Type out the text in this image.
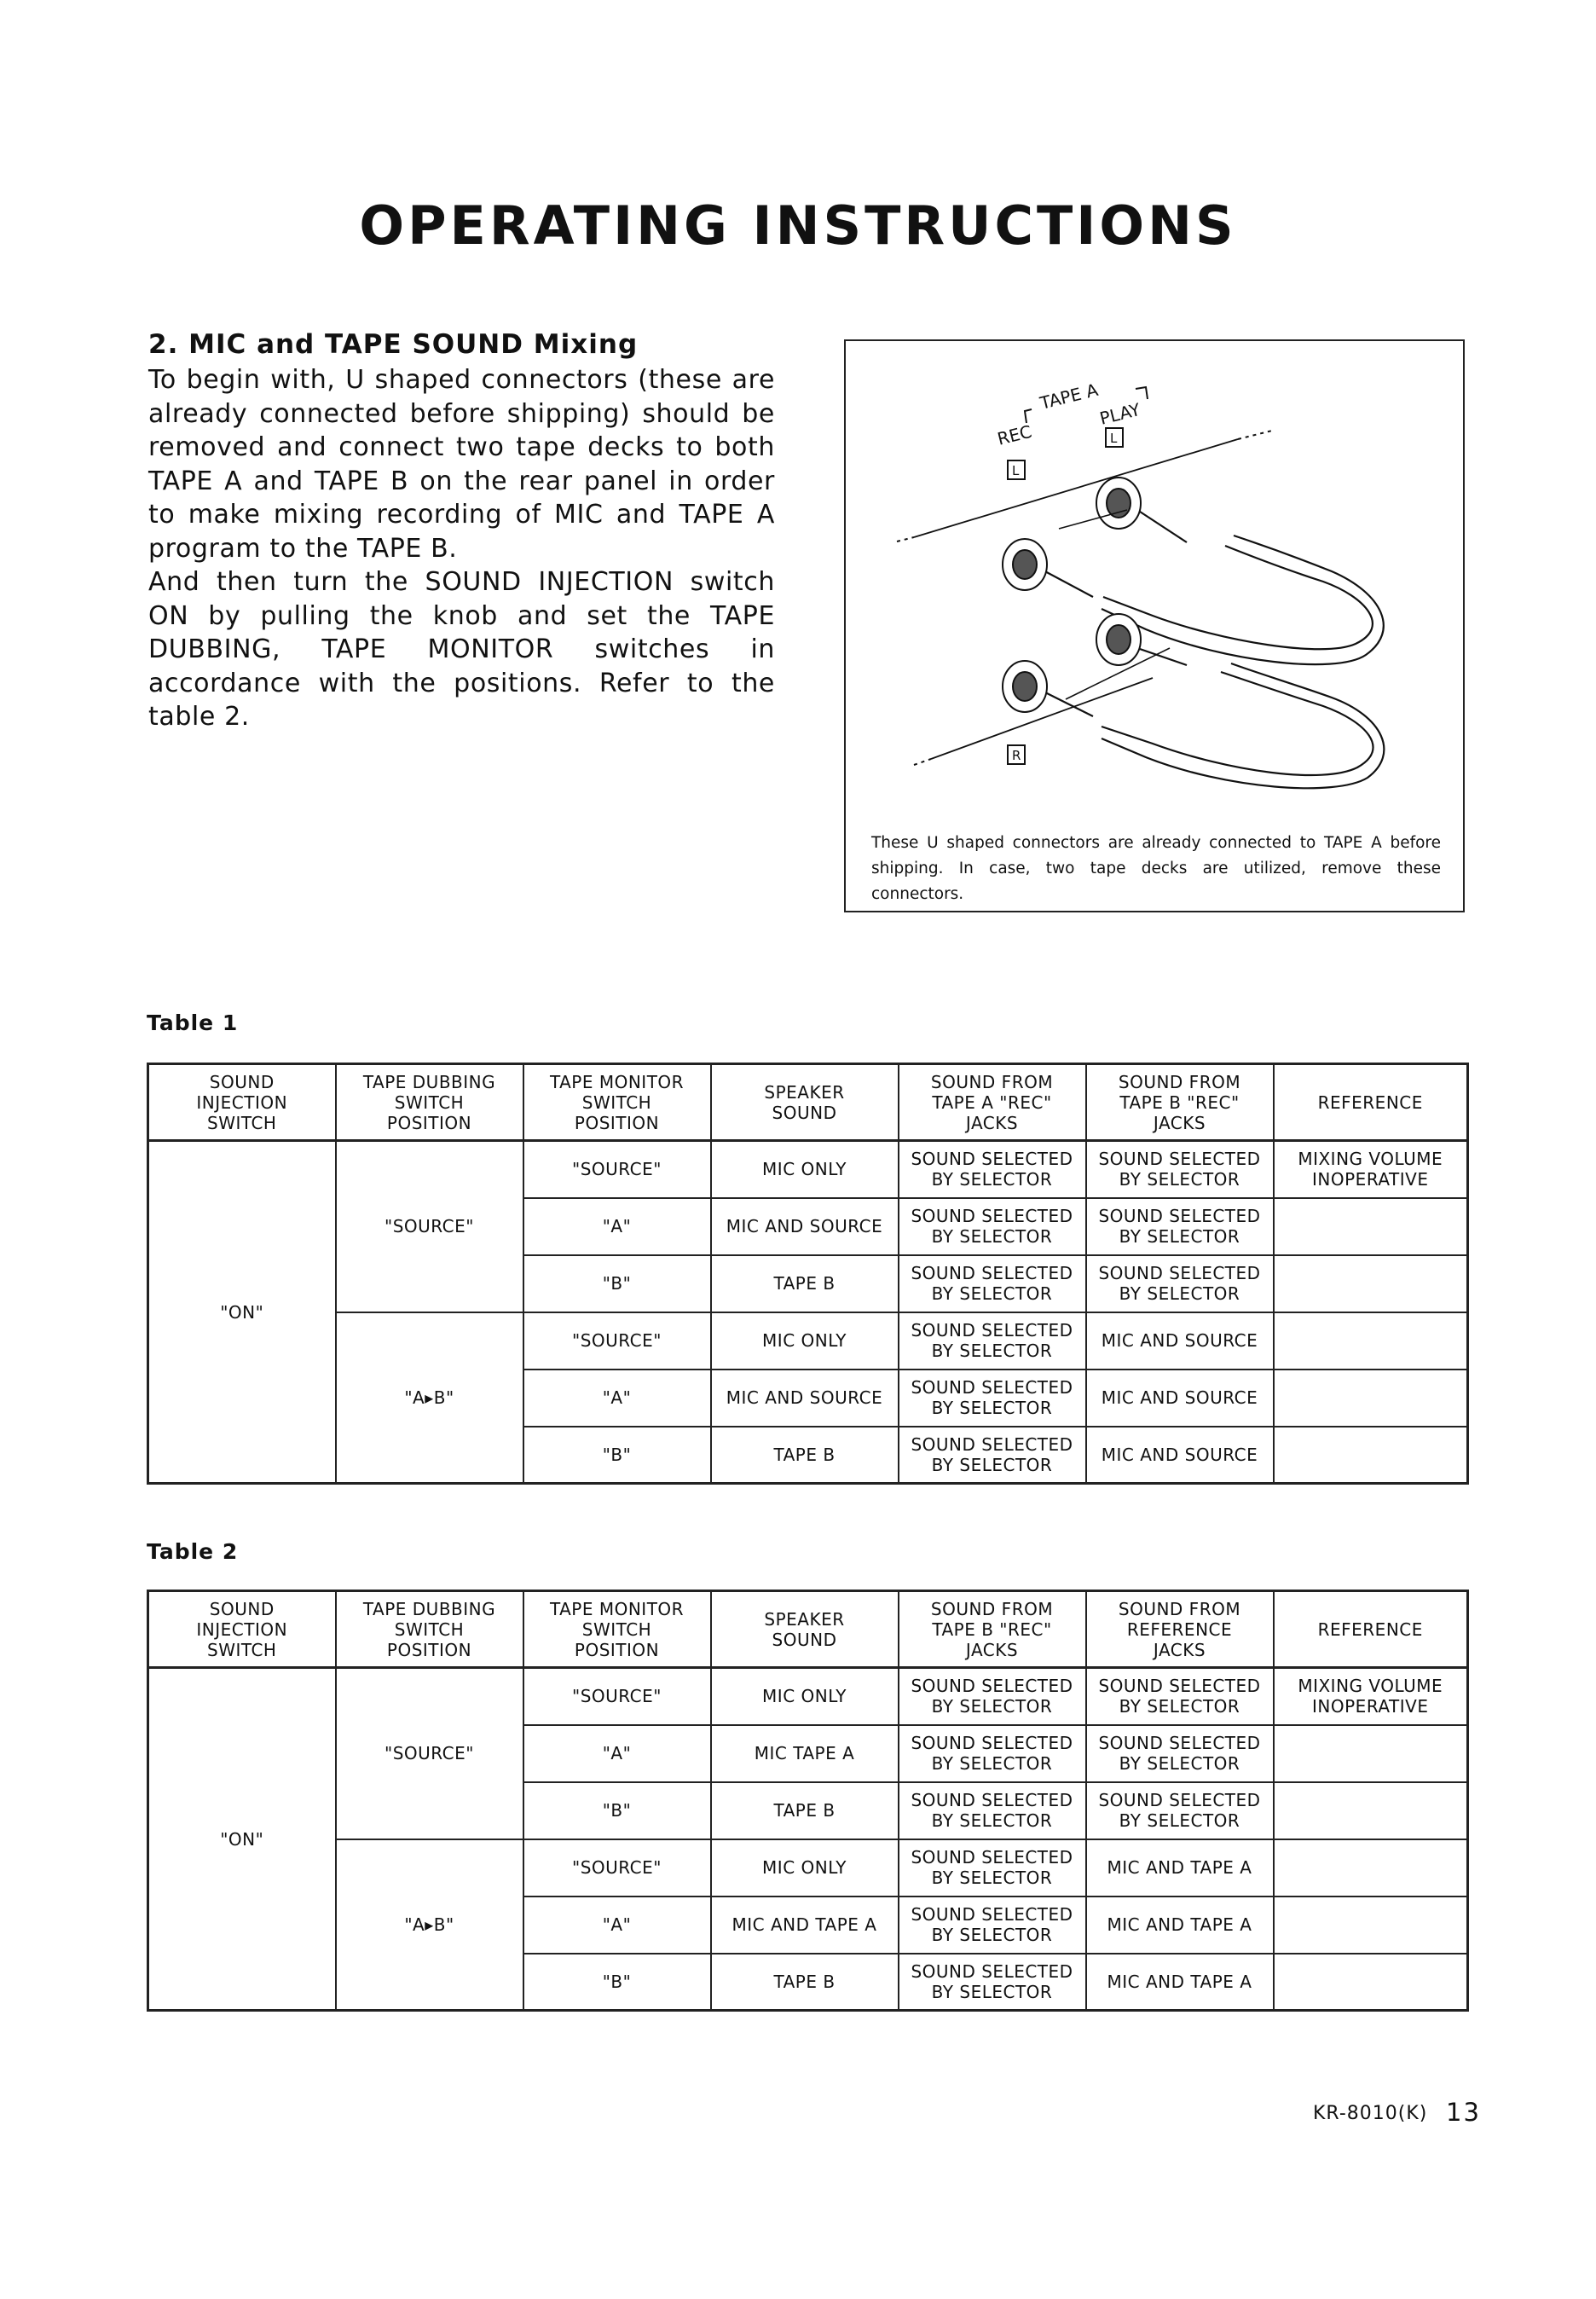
OPERATING INSTRUCTIONS
2. MIC and TAPE SOUND Mixing

To begin with, U shaped connectors (these are already connected before shipping) should be removed and connect two tape decks to both TAPE A and TAPE B on the rear panel in order to make mixing recording of MIC and TAPE A program to the TAPE B.

And then turn the SOUND INJECTION switch ON by pulling the knob and set the TAPE DUBBING, TAPE MONITOR switches in accordance with the positions. Refer to the table 2.

TAPE A
REC
PLAY
L
L
R

These U shaped connectors are already connected to TAPE A before shipping. In case, two tape decks are utilized, remove these connectors.

Table 1

SOUND
INJECTION
SWITCH	TAPE DUBBING
SWITCH
POSITION	TAPE MONITOR
SWITCH
POSITION	SPEAKER
SOUND	SOUND FROM
TAPE A "REC"
JACKS	SOUND FROM
TAPE B "REC"
JACKS	REFERENCE

"ON"	"SOURCE"	"SOURCE"	MIC ONLY	SOUND SELECTED
BY SELECTOR	SOUND SELECTED
BY SELECTOR	MIXING VOLUME
INOPERATIVE

		"A"	MIC AND SOURCE	SOUND SELECTED
BY SELECTOR	SOUND SELECTED
BY SELECTOR	

		"B"	TAPE B	SOUND SELECTED
BY SELECTOR	SOUND SELECTED
BY SELECTOR	

	"A▸B"	"SOURCE"	MIC ONLY	SOUND SELECTED
BY SELECTOR	MIC AND SOURCE	

		"A"	MIC AND SOURCE	SOUND SELECTED
BY SELECTOR	MIC AND SOURCE	

		"B"	TAPE B	SOUND SELECTED
BY SELECTOR	MIC AND SOURCE	

Table 2

SOUND
INJECTION
SWITCH	TAPE DUBBING
SWITCH
POSITION	TAPE MONITOR
SWITCH
POSITION	SPEAKER
SOUND	SOUND FROM
TAPE B "REC"
JACKS	SOUND FROM
REFERENCE
JACKS	REFERENCE

"ON"	"SOURCE"	"SOURCE"	MIC ONLY	SOUND SELECTED
BY SELECTOR	SOUND SELECTED
BY SELECTOR	MIXING VOLUME
INOPERATIVE

		"A"	MIC TAPE A	SOUND SELECTED
BY SELECTOR	SOUND SELECTED
BY SELECTOR	

		"B"	TAPE B	SOUND SELECTED
BY SELECTOR	SOUND SELECTED
BY SELECTOR	

	"A▸B"	"SOURCE"	MIC ONLY	SOUND SELECTED
BY SELECTOR	MIC AND TAPE A	

		"A"	MIC AND TAPE A	SOUND SELECTED
BY SELECTOR	MIC AND TAPE A	

		"B"	TAPE B	SOUND SELECTED
BY SELECTOR	MIC AND TAPE A	

KR-8010(K) 13
